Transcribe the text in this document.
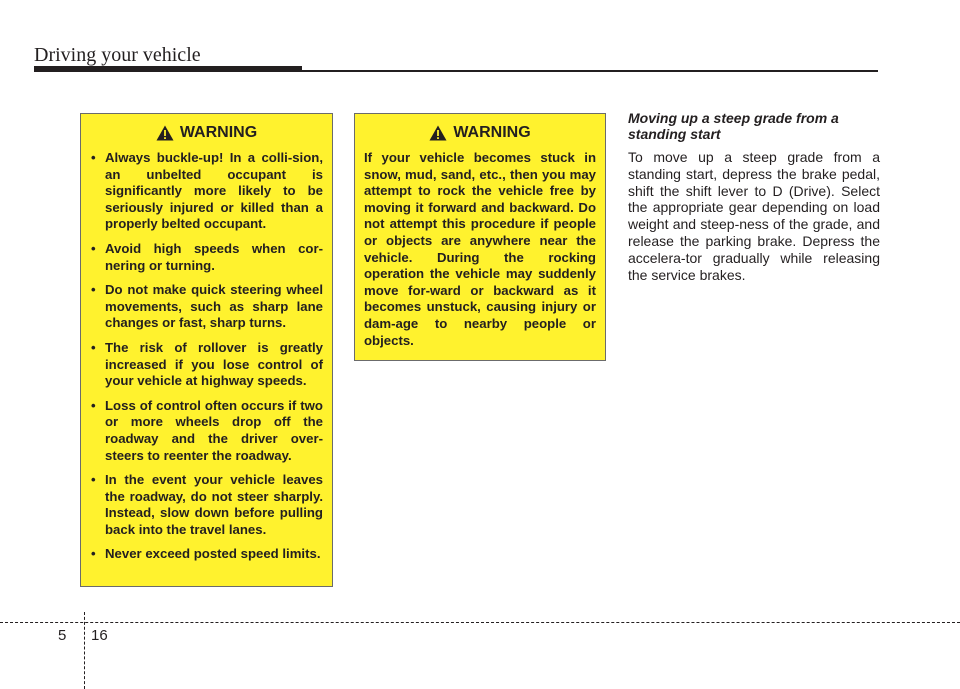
Driving your vehicle
WARNING
• Always buckle-up! In a colli-sion, an unbelted occupant is significantly more likely to be seriously injured or killed than a properly belted occupant.
• Avoid high speeds when cor-nering or turning.
• Do not make quick steering wheel movements, such as sharp lane changes or fast, sharp turns.
• The risk of rollover is greatly increased if you lose control of your vehicle at highway speeds.
• Loss of control often occurs if two or more wheels drop off the roadway and the driver over-steers to reenter the roadway.
• In the event your vehicle leaves the roadway, do not steer sharply. Instead, slow down before pulling back into the travel lanes.
• Never exceed posted speed limits.
WARNING

If your vehicle becomes stuck in snow, mud, sand, etc., then you may attempt to rock the vehicle free by moving it forward and backward. Do not attempt this procedure if people or objects are anywhere near the vehicle. During the rocking operation the vehicle may suddenly move for-ward or backward as it becomes unstuck, causing injury or dam-age to nearby people or objects.

Moving up a steep grade from a standing start

To move up a steep grade from a standing start, depress the brake pedal, shift the shift lever to D (Drive). Select the appropriate gear depending on load weight and steep-ness of the grade, and release the parking brake. Depress the accelera-tor gradually while releasing the service brakes.

5 16
